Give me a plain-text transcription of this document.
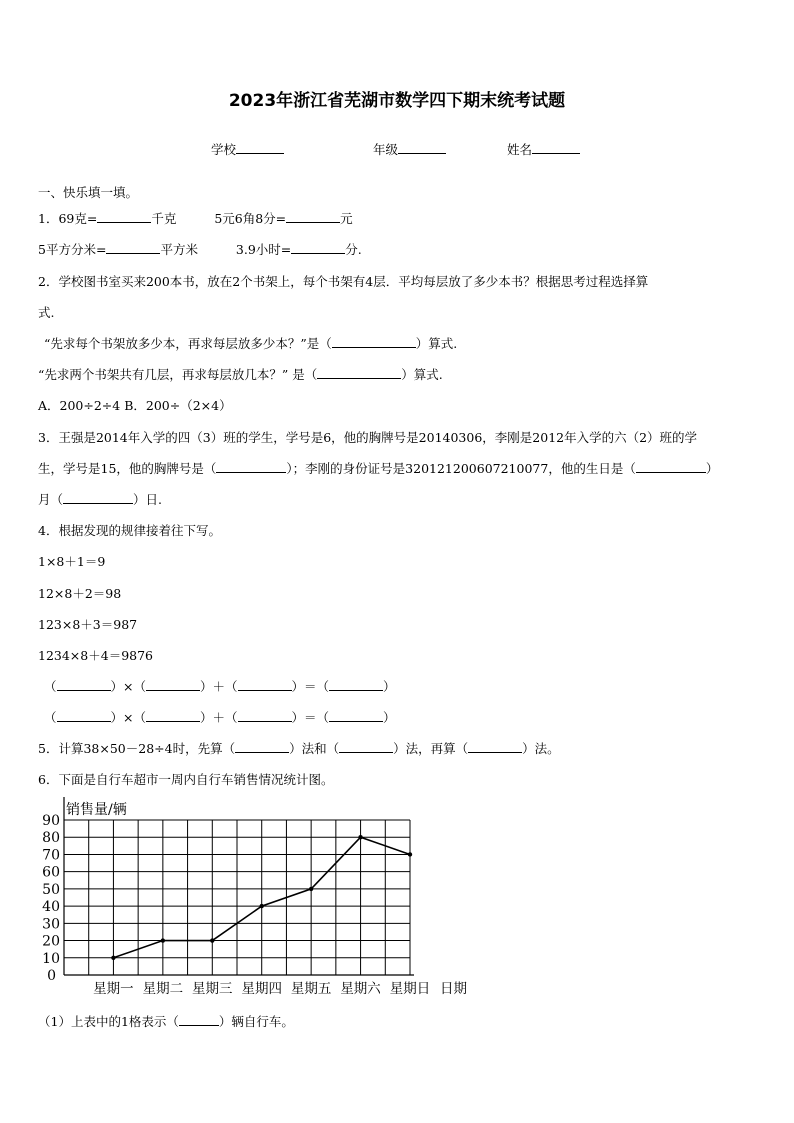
2023年浙江省芜湖市数学四下期末统考试题
学校	年级	姓名
一、快乐填一填。
1．69克=	千克	5元6角8分=	元
5平方分米=	平方米	3.9小时=	分.
2．学校图书室买来200本书，放在2个书架上，每个书架有4层．平均每层放了多少本书？根据思考过程选择算
式.
“先求每个书架放多少本，再求每层放多少本？”是（	）算式.
“先求两个书架共有几层，再求每层放几本？” 是（	）算式.
A．200÷2÷4 B．200÷（2×4）
3．王强是2014年入学的四（3）班的学生，学号是6，他的胸牌号是20140306，李刚是2012年入学的六（2）班的学
生，学号是15，他的胸牌号是（	）；李刚的身份证号是320121200607210077，他的生日是（	）
月（	）日.
4．根据发现的规律接着往下写。
1×8＋1＝9
12×8＋2＝98
123×8＋3＝987
1234×8＋4＝9876
（	）×（	）＋（	）＝（	）
（	）×（	）＋（	）＝（	）
5．计算38×50－28÷4时，先算（	）法和（	）法，再算（	）法。
6．下面是自行车超市一周内自行车销售情况统计图。
10
20
30
40
50
60
70
80
90
0
销售量/辆
星期一 星期二 星期三 星期四 星期五 星期六 星期日 日期
（1）上表中的1格表示（	）辆自行车。
